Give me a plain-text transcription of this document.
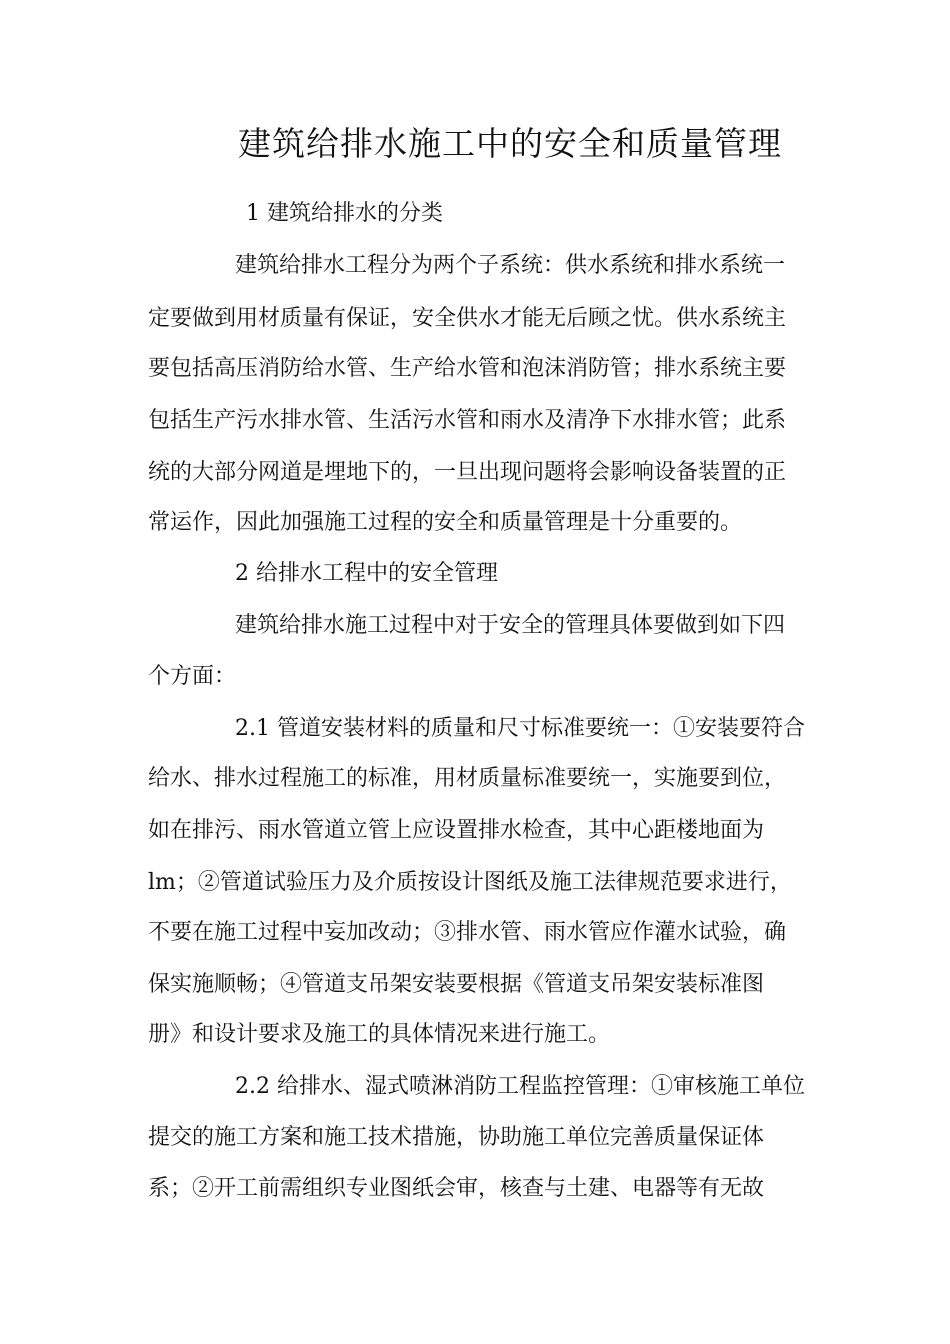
建筑给排水施工中的安全和质量管理
1 建筑给排水的分类
建筑给排水工程分为两个子系统：供水系统和排水系统一
定要做到用材质量有保证，安全供水才能无后顾之忧。供水系统主
要包括高压消防给水管、生产给水管和泡沫消防管；排水系统主要
包括生产污水排水管、生活污水管和雨水及清净下水排水管；此系
统的大部分网道是埋地下的，一旦出现问题将会影响设备装置的正
常运作，因此加强施工过程的安全和质量管理是十分重要的。
2 给排水工程中的安全管理
建筑给排水施工过程中对于安全的管理具体要做到如下四
个方面：
2.1 管道安装材料的质量和尺寸标准要统一：①安装要符合
给水、排水过程施工的标准，用材质量标准要统一，实施要到位，
如在排污、雨水管道立管上应设置排水检查，其中心距楼地面为
lm；②管道试验压力及介质按设计图纸及施工法律规范要求进行，
不要在施工过程中妄加改动；③排水管、雨水管应作灌水试验，确
保实施顺畅；④管道支吊架安装要根据《管道支吊架安装标准图
册》和设计要求及施工的具体情况来进行施工。
2.2 给排水、湿式喷淋消防工程监控管理：①审核施工单位
提交的施工方案和施工技术措施，协助施工单位完善质量保证体
系；②开工前需组织专业图纸会审，核查与土建、电器等有无故
